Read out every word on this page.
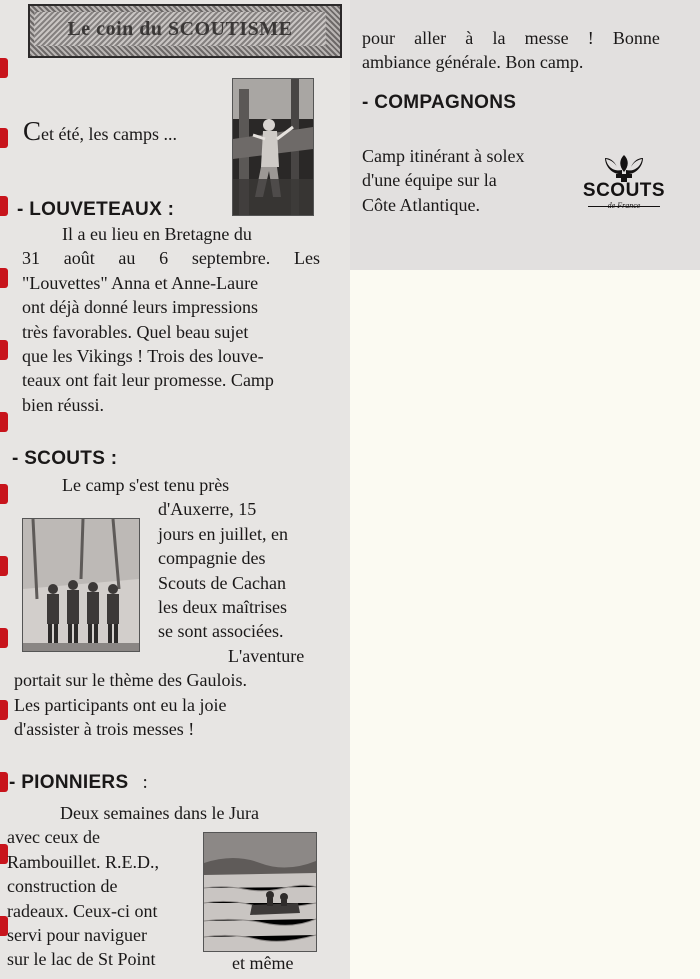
Le coin du SCOUTISME
Cet été, les camps ...
- LOUVETEAUX :
Il a eu lieu en Bretagne du
31 août au 6 septembre. Les
"Louvettes" Anna et Anne-Laure
ont déjà donné leurs impressions
très favorables. Quel beau sujet
que les Vikings ! Trois des louve-
teaux ont fait leur promesse. Camp
bien réussi.
- SCOUTS :
Le camp s'est tenu près
d'Auxerre, 15
jours en juillet, en
compagnie des
Scouts de Cachan
les deux maîtrises
se sont associées.
L'aventure
portait sur le thème des Gaulois.
Les participants ont eu la joie
d'assister à trois messes !
- PIONNIERS :
Deux semaines dans le Jura
avec ceux de
Rambouillet. R.E.D.,
construction de
radeaux. Ceux-ci ont
servi pour naviguer
sur le lac de St Point	et même
pour aller à la messe ! Bonne
ambiance générale. Bon camp.
- COMPAGNONS
Camp itinérant à solex
d'une équipe sur la
Côte Atlantique.
SCOUTS
de France
